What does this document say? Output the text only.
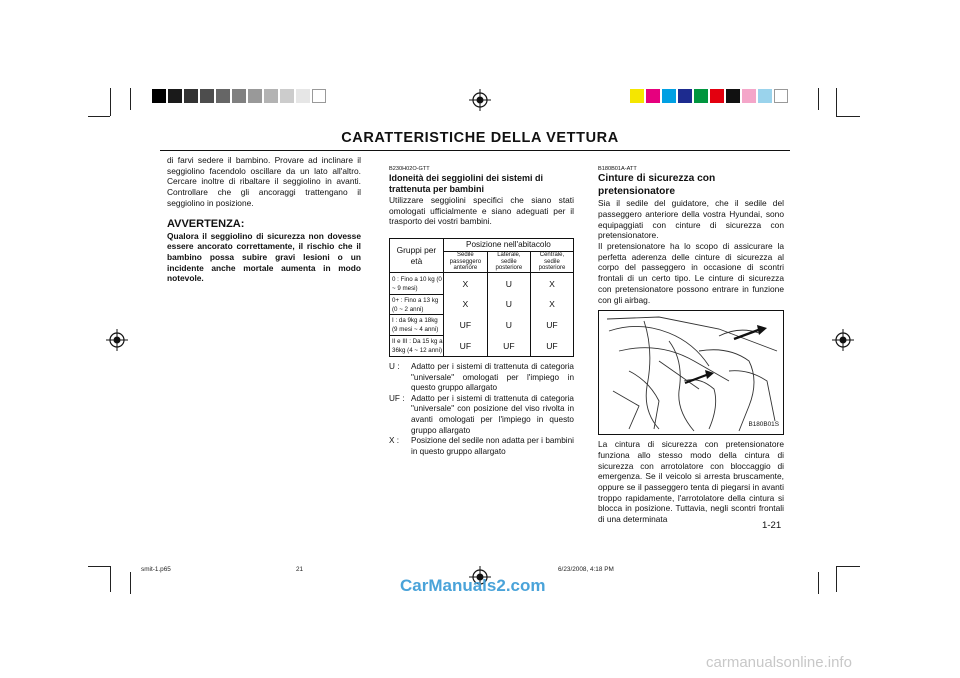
CARATTERISTICHE DELLA VETTURA
di farvi sedere il bambino. Provare ad inclinare il seggiolino facendolo oscillare da un lato all'altro. Cercare inoltre di ribaltare il seggiolino in avanti. Controllare che gli ancoraggi trattengano il seggiolino in posizione.
AVVERTENZA:
Qualora il seggiolino di sicurezza non dovesse essere ancorato correttamente, il rischio che il bambino possa subire gravi lesioni o un incidente anche mortale aumenta in modo notevole.
B230H02O-GTT
Idoneità dei seggiolini dei sistemi di trattenuta per bambini
Utilizzare seggiolini specifici che siano stati omologati ufficialmente e siano adeguati per il trasporto dei vostri bambini.
Gruppi per età	Posizione nell'abitacolo		
	Sedile passeggero anteriore	Laterale, sedile posteriore	Centrale, sedile posteriore
0 : Fino a 10 kg (0 ~ 9 mesi)	X	U	X
0+ : Fino a 13 kg (0 ~ 2 anni)	X	U	X
I : da 9kg a 18kg (9 mesi ~ 4 anni)	UF	U	UF
II e III : Da 15 kg a 36kg (4 ~ 12 anni)	UF	UF	UF
U :	Adatto per i sistemi di trattenuta di categoria "universale" omologati per l'impiego in questo gruppo allargato
UF : Adatto per i sistemi di trattenuta di categoria "universale" con posizione del viso rivolta in avanti omologati per l'impiego in questo gruppo allargato
X :	Posizione del sedile non adatta per i bambini in questo gruppo allargato
B180B01A-ATT
Cinture di sicurezza con pretensionatore
Sia il sedile del guidatore, che il sedile del passeggero anteriore della vostra Hyundai, sono equipaggiati con cinture di sicurezza con pretensionatore.
Il pretensionatore ha lo scopo di assicurare la perfetta aderenza delle cinture di sicurezza al corpo del passeggero in occasione di scontri frontali di un certo tipo. Le cinture di sicurezza con pretensionatore possono entrare in funzione con gli airbag.
B180B01S
La cintura di sicurezza con pretensionatore funziona allo stesso modo della cintura di sicurezza con arrotolatore con bloccaggio di emergenza. Se il veicolo si arresta bruscamente, oppure se il passeggero tenta di piegarsi in avanti troppo rapidamente, l'arrotolatore della cintura si blocca in posizione. Tuttavia, negli scontri frontali di una determinata
1-21
smit-1.p65	21	6/23/2008, 4:18 PM
CarManuals2.com
carmanualsonline.info
